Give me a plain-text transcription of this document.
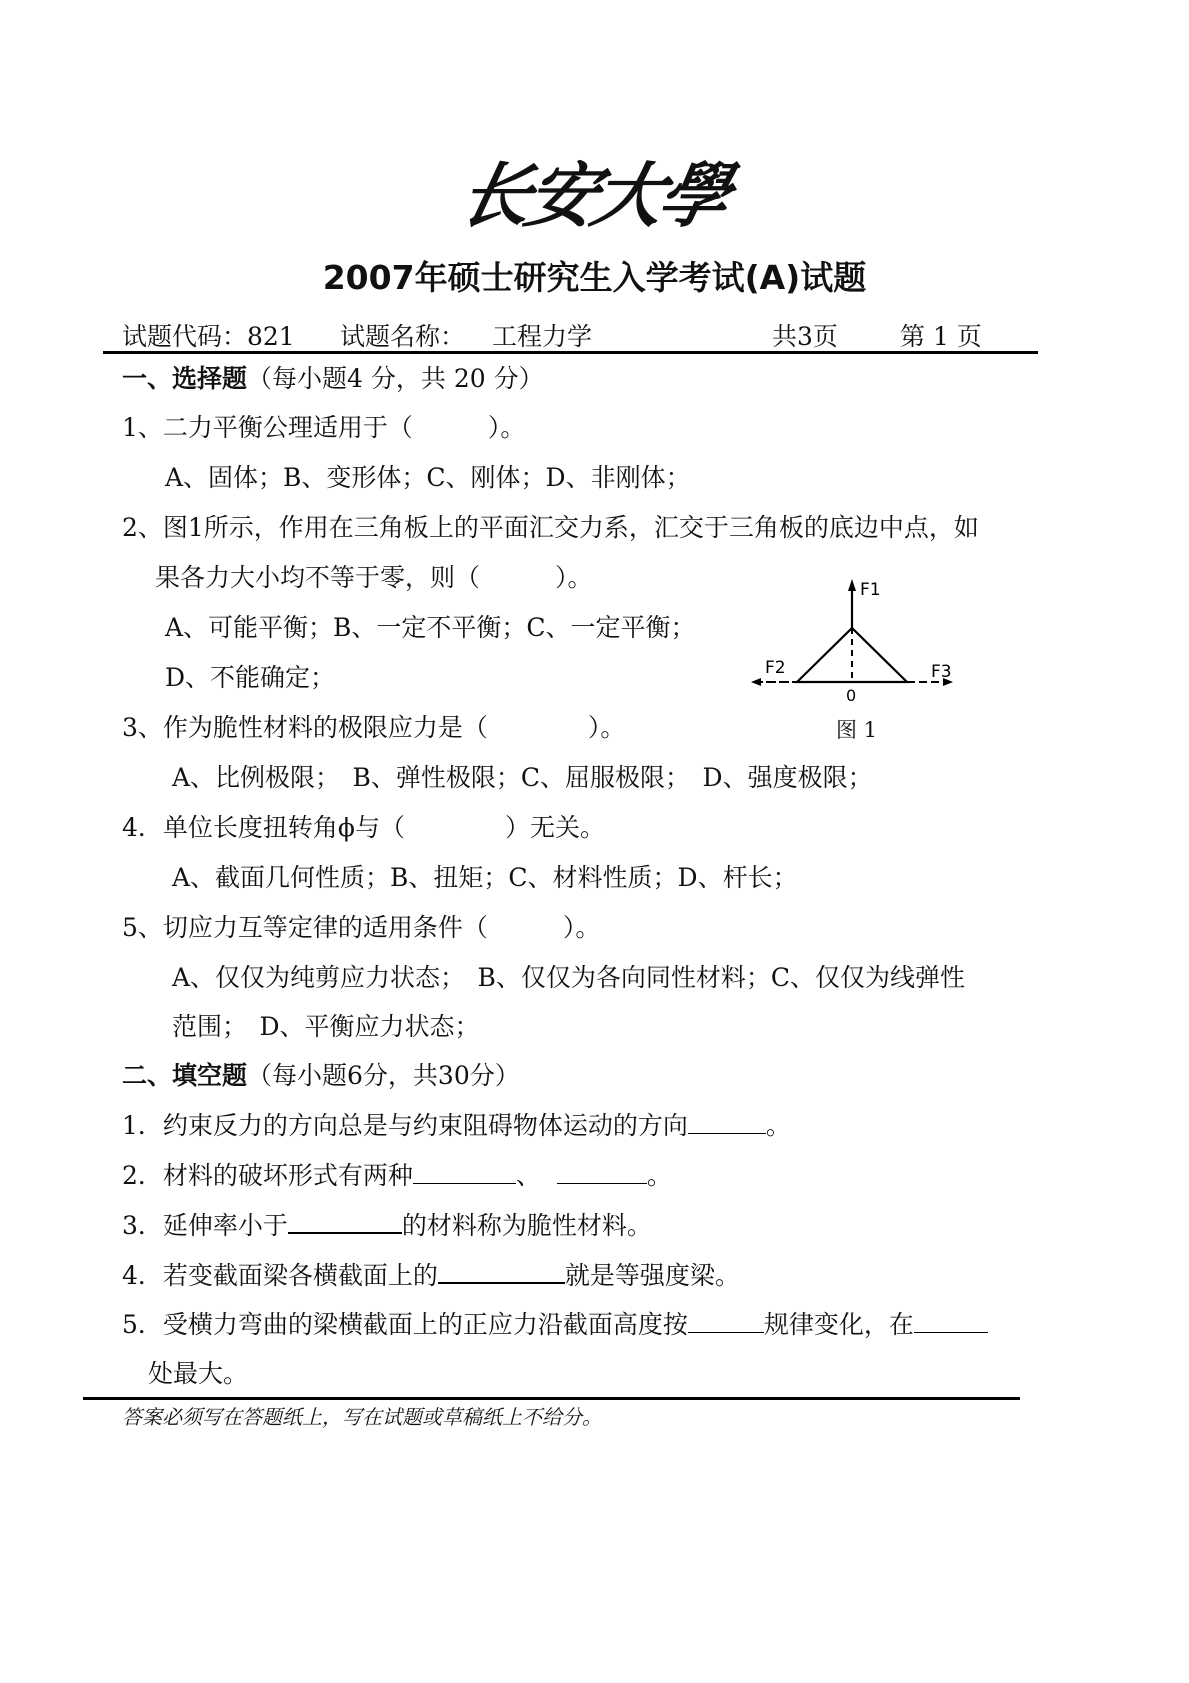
长安大學
2007年硕士研究生入学考试(A)试题
试题代码：821 试题名称： 工程力学	共3页 第 1 页
一、选择题（每小题4 分，共 20 分）
1、二力平衡公理适用于（　　　）。
A、固体；B、变形体；C、刚体；D、非刚体；
2、图1所示，作用在三角板上的平面汇交力系，汇交于三角板的底边中点，如
果各力大小均不等于零，则（　　　）。
A、可能平衡；B、一定不平衡；C、一定平衡；
D、不能确定；
3、作为脆性材料的极限应力是（　　　　）。
A、比例极限；　B、弹性极限；C、屈服极限；　D、强度极限；
4．单位长度扭转角ϕ与（　　　　）无关。
A、截面几何性质；B、扭矩；C、材料性质；D、杆长；
5、切应力互等定律的适用条件（　　　）。
A、仅仅为纯剪应力状态；　B、仅仅为各向同性材料；C、仅仅为线弹性
范围；　D、平衡应力状态；
F1
F2	F3
0
图 1
二、填空题（每小题6分，共30分）
1．约束反力的方向总是与约束阻碍物体运动的方向	。
2．材料的破坏形式有两种	、	。
3．延伸率小于	的材料称为脆性材料。
4．若变截面梁各横截面上的	就是等强度梁。
5．受横力弯曲的梁横截面上的正应力沿截面高度按	规律变化，在
处最大。
答案必须写在答题纸上，写在试题或草稿纸上不给分。
